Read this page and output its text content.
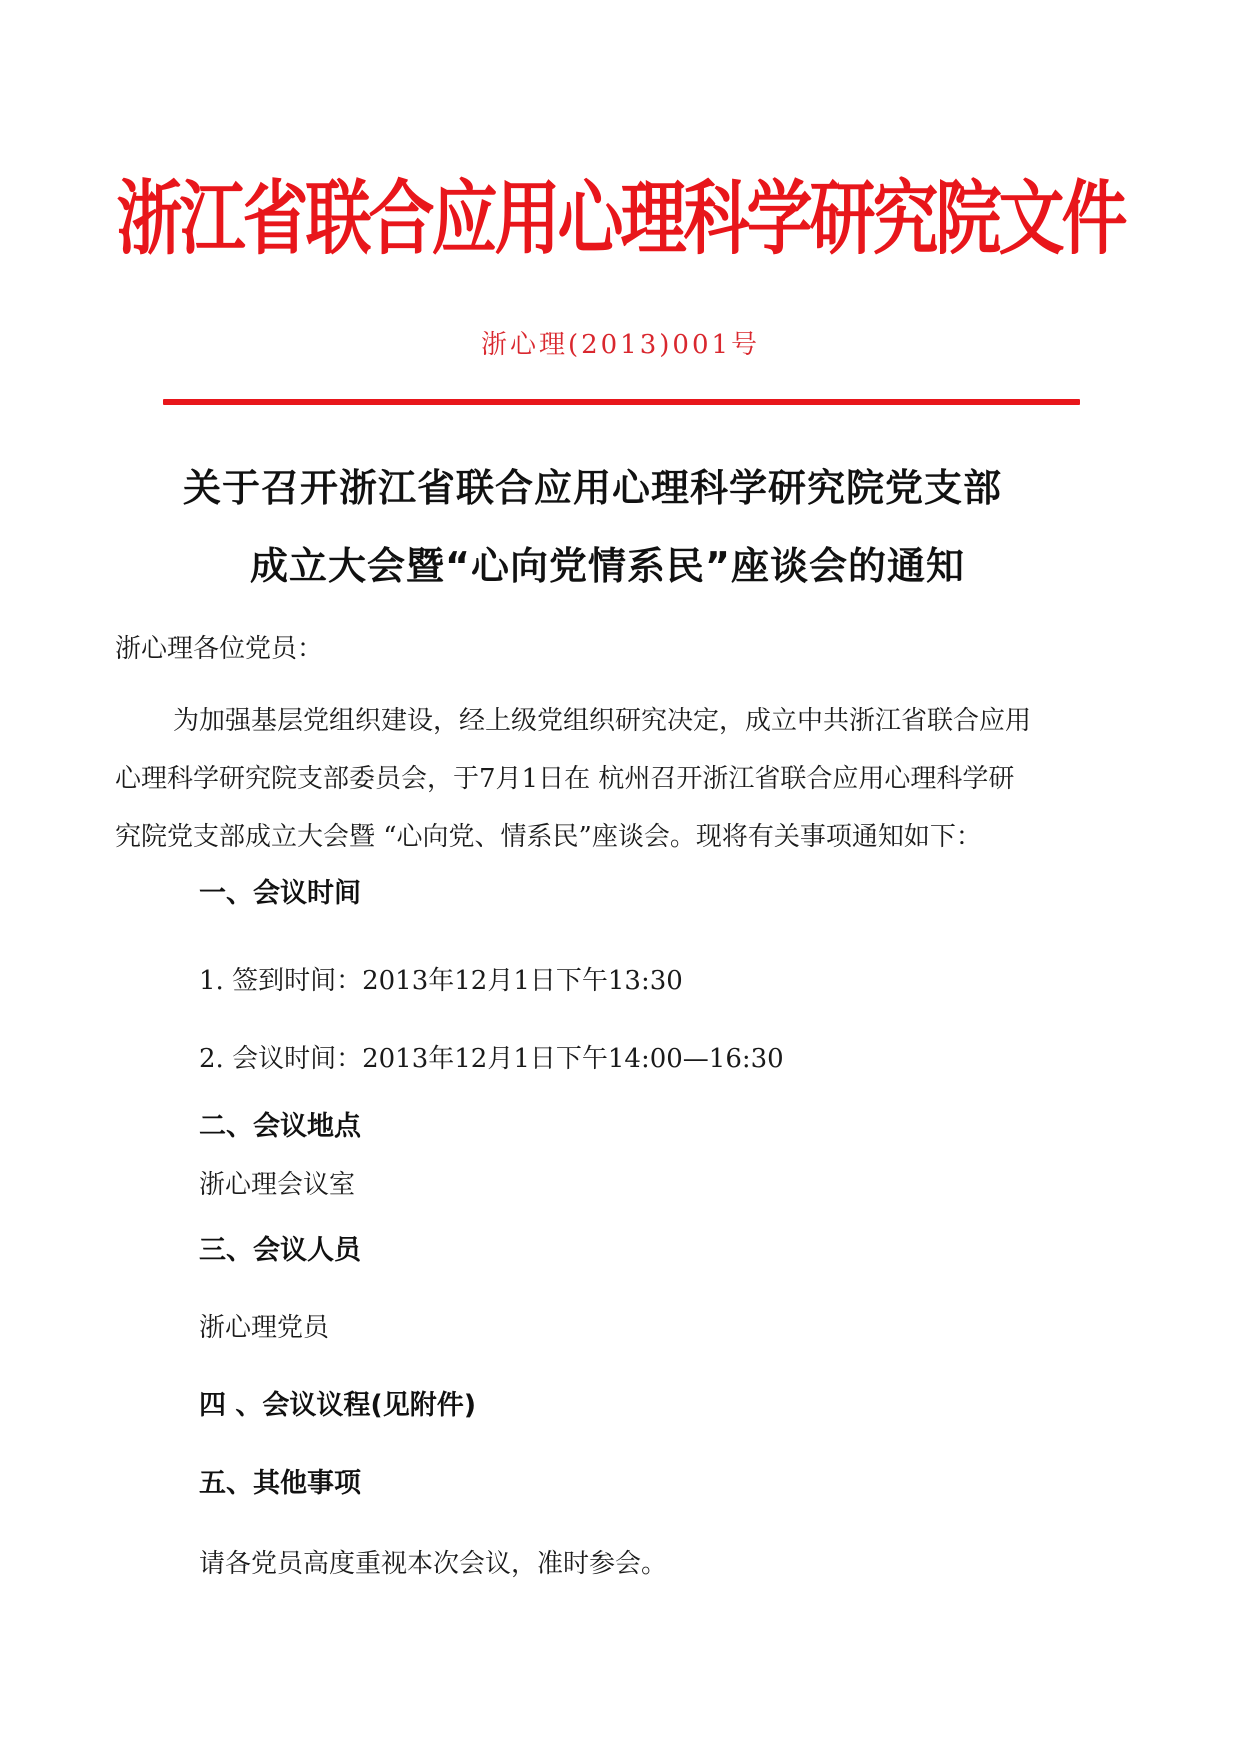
浙江省联合应用心理科学研究院文件
浙心理(2013)001号
关于召开浙江省联合应用心理科学研究院党支部
成立大会暨“心向党情系民”座谈会的通知
浙心理各位党员：
为加强基层党组织建设，经上级党组织研究决定，成立中共浙江省联合应用
心理科学研究院支部委员会，于7月1日在 杭州召开浙江省联合应用心理科学研
究院党支部成立大会暨 “心向党、情系民”座谈会。现将有关事项通知如下：
一、会议时间
1. 签到时间：2013年12月1日下午13:30
2. 会议时间：2013年12月1日下午14:00—16:30
二、会议地点
浙心理会议室
三、会议人员
浙心理党员
四 、会议议程(见附件)
五、其他事项
请各党员高度重视本次会议，准时参会。
